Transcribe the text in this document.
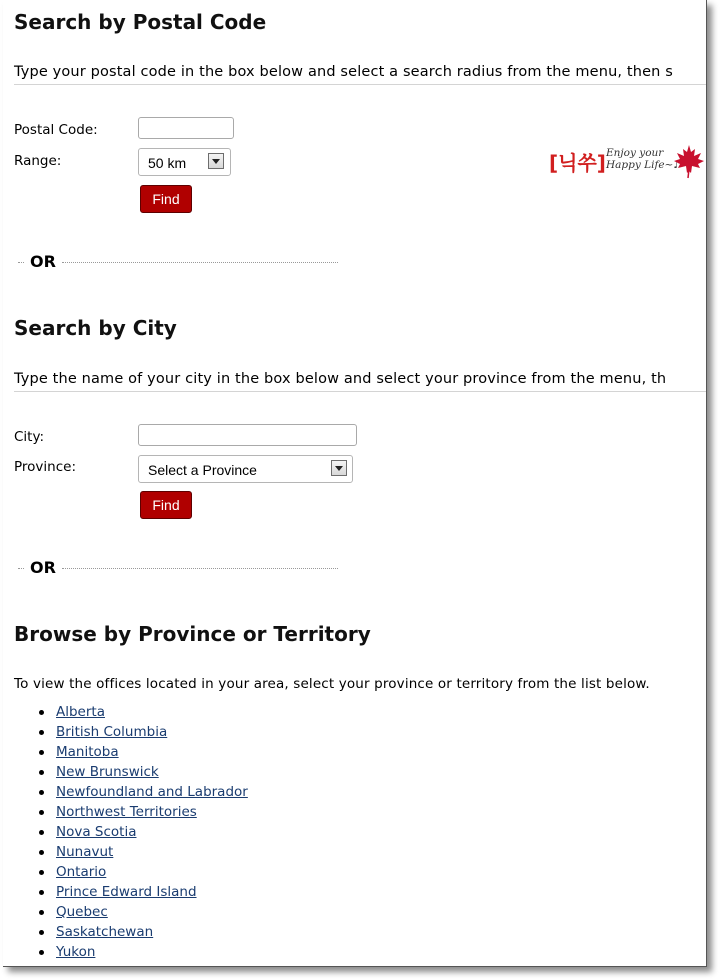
Search by Postal Code
Type your postal code in the box below and select a search radius from the menu, then s
Postal Code:
Range:	50 km
Find
[닉쑤] Enjoy your
Happy Life~♪
OR
Search by City
Type the name of your city in the box below and select your province from the menu, th
City:
Province:	Select a Province
Find
OR
Browse by Province or Territory
To view the offices located in your area, select your province or territory from the list below.
Alberta
British Columbia
Manitoba
New Brunswick
Newfoundland and Labrador
Northwest Territories
Nova Scotia
Nunavut
Ontario
Prince Edward Island
Quebec
Saskatchewan
Yukon
